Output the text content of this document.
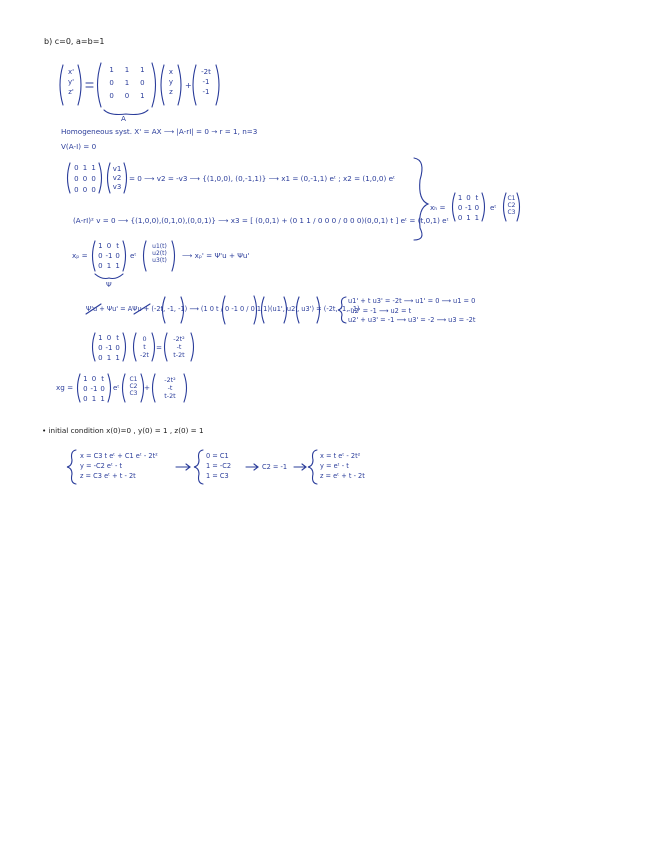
b) c=0, a=b=1
x'
y'
z'
1	1	1
0	1	0
0	0	1
x
y
z
+
-2t
-1
-1
A
Homogeneous syst. X' = AX ⟶ |A-rI| = 0 → r = 1, n=3
V(A-I) = 0
0 1 1
0 0 0
0 0 0
v1
v2
v3
= 0 ⟶ v2 = -v3 ⟶ {(1,0,0), (0,-1,1)} ⟶ x1 = (0,-1,1) eᵗ ; x2 = (1,0,0) eᵗ
(A-rI)² v = 0 ⟶ {(1,0,0),(0,1,0),(0,0,1)} ⟶ x3 = [ (0,0,1) + (0 1 1 / 0 0 0 / 0 0 0)(0,0,1) t ] eᵗ = (t,0,1) eᵗ
xₕ =
1 0 t
0 -1 0
0 1 1
eᵗ
C1
C2
C3
xₚ =
1 0 t
0 -1 0
0 1 1
eᵗ
u1(t)
u2(t)
u3(t)
⟶ xₚ' = Ψ'u + Ψu'
Ψ
Ψ'u + Ψu' = AΨu + (-2t, -1, -1) ⟶ (1 0 t / 0 -1 0 / 0 1 1)(u1', u2', u3') = (-2t, -1, -1)
u1' + t u3' = -2t ⟶ u1' = 0 ⟶ u1 = 0
-u2' = -1 ⟶ u2 = t
u2' + u3' = -1 ⟶ u3' = -2 ⟶ u3 = -2t
1 0 t
0 -1 0
0 1 1
0
t
-2t
=
-2t²
-t
t-2t
xg =
1 0 t
0 -1 0
0 1 1
eᵗ
C1
C2
C3
+
-2t²
-t
t-2t
• initial condition x(0)=0 , y(0) = 1 , z(0) = 1
x = C3 t eᵗ + C1 eᵗ - 2t²
y = -C2 eᵗ - t
z = C3 eᵗ + t - 2t
0 = C1
1 = -C2
1 = C3
C2 = -1
x = t eᵗ - 2t²
y = eᵗ - t
z = eᵗ + t - 2t
